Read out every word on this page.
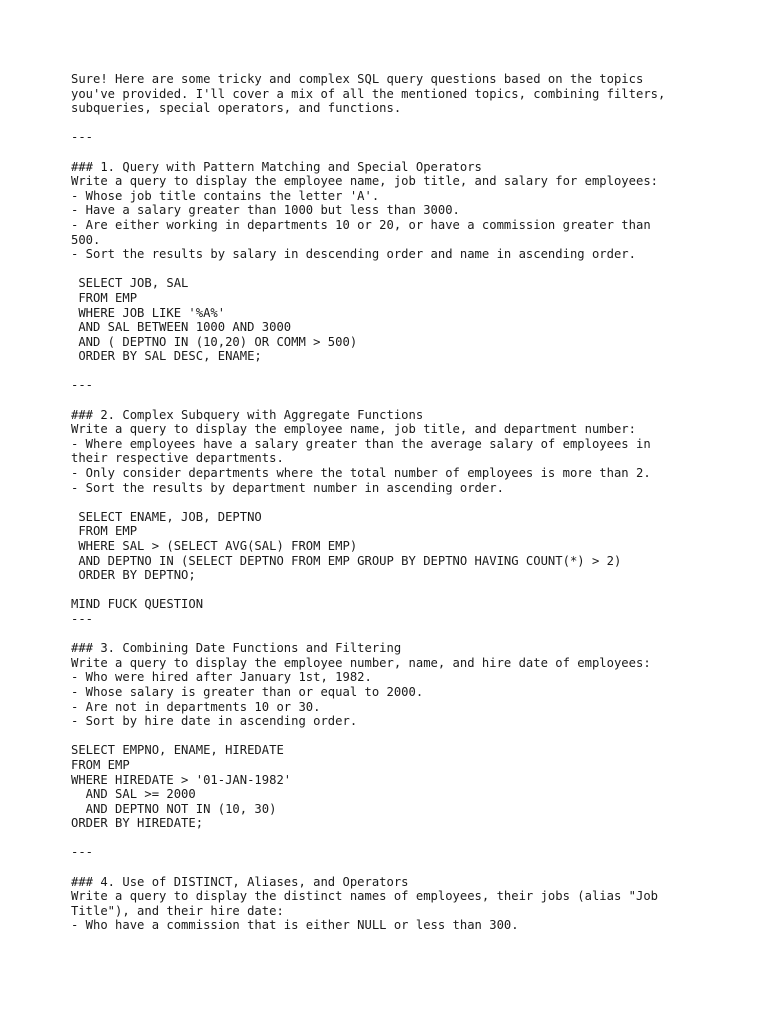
Sure! Here are some tricky and complex SQL query questions based on the topics
you've provided. I'll cover a mix of all the mentioned topics, combining filters,
subqueries, special operators, and functions.
---
### 1. Query with Pattern Matching and Special Operators
Write a query to display the employee name, job title, and salary for employees:
- Whose job title contains the letter 'A'.
- Have a salary greater than 1000 but less than 3000.
- Are either working in departments 10 or 20, or have a commission greater than
500.
- Sort the results by salary in descending order and name in ascending order.
SELECT JOB, SAL
FROM EMP
WHERE JOB LIKE '%A%'
AND SAL BETWEEN 1000 AND 3000
AND ( DEPTNO IN (10,20) OR COMM > 500)
ORDER BY SAL DESC, ENAME;
---
### 2. Complex Subquery with Aggregate Functions
Write a query to display the employee name, job title, and department number:
- Where employees have a salary greater than the average salary of employees in
their respective departments.
- Only consider departments where the total number of employees is more than 2.
- Sort the results by department number in ascending order.
SELECT ENAME, JOB, DEPTNO
FROM EMP
WHERE SAL > (SELECT AVG(SAL) FROM EMP)
AND DEPTNO IN (SELECT DEPTNO FROM EMP GROUP BY DEPTNO HAVING COUNT(*) > 2)
ORDER BY DEPTNO;
MIND FUCK QUESTION
---
### 3. Combining Date Functions and Filtering
Write a query to display the employee number, name, and hire date of employees:
- Who were hired after January 1st, 1982.
- Whose salary is greater than or equal to 2000.
- Are not in departments 10 or 30.
- Sort by hire date in ascending order.
SELECT EMPNO, ENAME, HIREDATE
FROM EMP
WHERE HIREDATE > '01-JAN-1982'
AND SAL >= 2000
AND DEPTNO NOT IN (10, 30)
ORDER BY HIREDATE;
---
### 4. Use of DISTINCT, Aliases, and Operators
Write a query to display the distinct names of employees, their jobs (alias "Job
Title"), and their hire date:
- Who have a commission that is either NULL or less than 300.
